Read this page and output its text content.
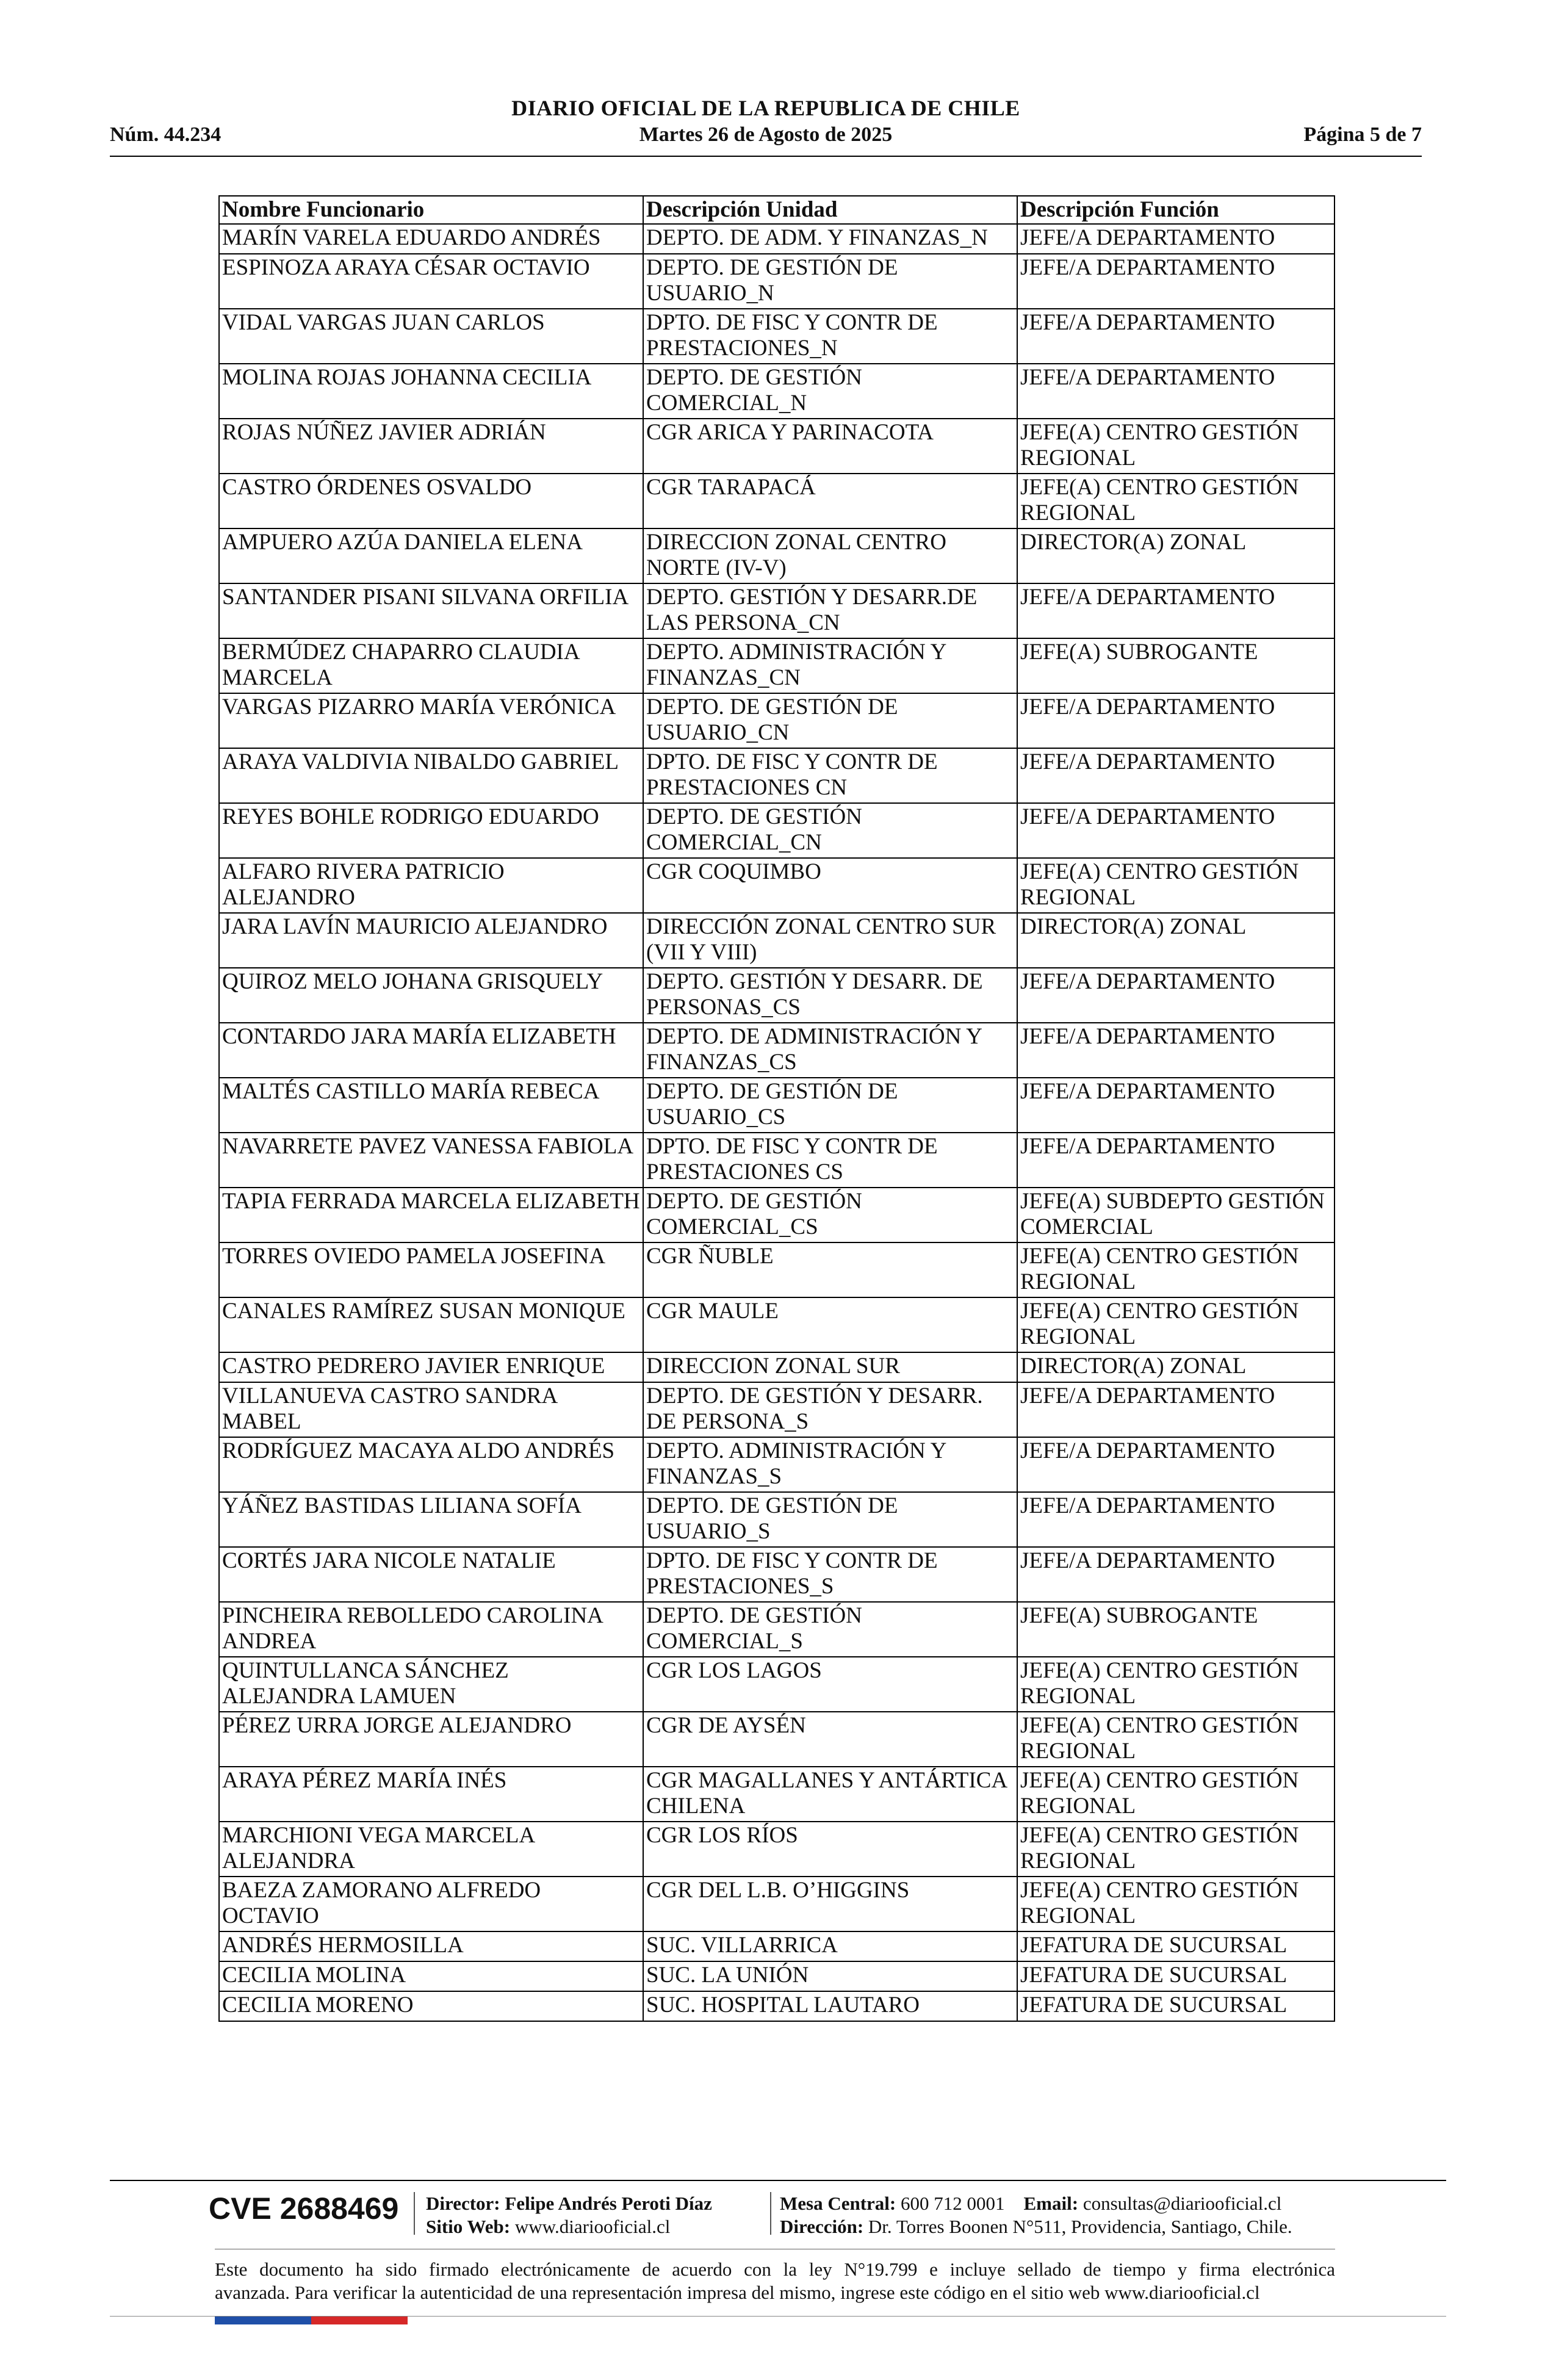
Núm. 44.234
DIARIO OFICIAL DE LA REPUBLICA DE CHILE
Martes 26 de Agosto de 2025	Página 5 de 7
Nombre Funcionario	Descripción Unidad	Descripción Función
MARÍN VARELA EDUARDO ANDRÉS	DEPTO. DE ADM. Y FINANZAS_N	JEFE/A DEPARTAMENTO
ESPINOZA ARAYA CÉSAR OCTAVIO	DEPTO. DE GESTIÓN DE USUARIO_N	JEFE/A DEPARTAMENTO
VIDAL VARGAS JUAN CARLOS	DPTO. DE FISC Y CONTR DE PRESTACIONES_N	JEFE/A DEPARTAMENTO
MOLINA ROJAS JOHANNA CECILIA	DEPTO. DE GESTIÓN COMERCIAL_N	JEFE/A DEPARTAMENTO
ROJAS NÚÑEZ JAVIER ADRIÁN	CGR ARICA Y PARINACOTA	JEFE(A) CENTRO GESTIÓN REGIONAL
CASTRO ÓRDENES OSVALDO	CGR TARAPACÁ	JEFE(A) CENTRO GESTIÓN REGIONAL
AMPUERO AZÚA DANIELA ELENA	DIRECCION ZONAL CENTRO NORTE (IV-V)	DIRECTOR(A) ZONAL
SANTANDER PISANI SILVANA ORFILIA	DEPTO. GESTIÓN Y DESARR.DE LAS PERSONA_CN	JEFE/A DEPARTAMENTO
BERMÚDEZ CHAPARRO CLAUDIA MARCELA	DEPTO. ADMINISTRACIÓN Y FINANZAS_CN	JEFE(A) SUBROGANTE
VARGAS PIZARRO MARÍA VERÓNICA	DEPTO. DE GESTIÓN DE USUARIO_CN	JEFE/A DEPARTAMENTO
ARAYA VALDIVIA NIBALDO GABRIEL	DPTO. DE FISC Y CONTR DE PRESTACIONES CN	JEFE/A DEPARTAMENTO
REYES BOHLE RODRIGO EDUARDO	DEPTO. DE GESTIÓN COMERCIAL_CN	JEFE/A DEPARTAMENTO
ALFARO RIVERA PATRICIO ALEJANDRO	CGR COQUIMBO	JEFE(A) CENTRO GESTIÓN REGIONAL
JARA LAVÍN MAURICIO ALEJANDRO	DIRECCIÓN ZONAL CENTRO SUR (VII Y VIII)	DIRECTOR(A) ZONAL
QUIROZ MELO JOHANA GRISQUELY	DEPTO. GESTIÓN Y DESARR. DE PERSONAS_CS	JEFE/A DEPARTAMENTO
CONTARDO JARA MARÍA ELIZABETH	DEPTO. DE ADMINISTRACIÓN Y FINANZAS_CS	JEFE/A DEPARTAMENTO
MALTÉS CASTILLO MARÍA REBECA	DEPTO. DE GESTIÓN DE USUARIO_CS	JEFE/A DEPARTAMENTO
NAVARRETE PAVEZ VANESSA FABIOLA	DPTO. DE FISC Y CONTR DE PRESTACIONES CS	JEFE/A DEPARTAMENTO
TAPIA FERRADA MARCELA ELIZABETH	DEPTO. DE GESTIÓN COMERCIAL_CS	JEFE(A) SUBDEPTO GESTIÓN COMERCIAL
TORRES OVIEDO PAMELA JOSEFINA	CGR ÑUBLE	JEFE(A) CENTRO GESTIÓN REGIONAL
CANALES RAMÍREZ SUSAN MONIQUE	CGR MAULE	JEFE(A) CENTRO GESTIÓN REGIONAL
CASTRO PEDRERO JAVIER ENRIQUE	DIRECCION ZONAL SUR	DIRECTOR(A) ZONAL
VILLANUEVA CASTRO SANDRA MABEL	DEPTO. DE GESTIÓN Y DESARR. DE PERSONA_S	JEFE/A DEPARTAMENTO
RODRÍGUEZ MACAYA ALDO ANDRÉS	DEPTO. ADMINISTRACIÓN Y FINANZAS_S	JEFE/A DEPARTAMENTO
YÁÑEZ BASTIDAS LILIANA SOFÍA	DEPTO. DE GESTIÓN DE USUARIO_S	JEFE/A DEPARTAMENTO
CORTÉS JARA NICOLE NATALIE	DPTO. DE FISC Y CONTR DE PRESTACIONES_S	JEFE/A DEPARTAMENTO
PINCHEIRA REBOLLEDO CAROLINA ANDREA	DEPTO. DE GESTIÓN COMERCIAL_S	JEFE(A) SUBROGANTE
QUINTULLANCA SÁNCHEZ ALEJANDRA LAMUEN	CGR LOS LAGOS	JEFE(A) CENTRO GESTIÓN REGIONAL
PÉREZ URRA JORGE ALEJANDRO	CGR DE AYSÉN	JEFE(A) CENTRO GESTIÓN REGIONAL
ARAYA PÉREZ MARÍA INÉS	CGR MAGALLANES Y ANTÁRTICA CHILENA	JEFE(A) CENTRO GESTIÓN REGIONAL
MARCHIONI VEGA MARCELA ALEJANDRA	CGR LOS RÍOS	JEFE(A) CENTRO GESTIÓN REGIONAL
BAEZA ZAMORANO ALFREDO OCTAVIO	CGR DEL L.B. O’HIGGINS	JEFE(A) CENTRO GESTIÓN REGIONAL
ANDRÉS HERMOSILLA	SUC. VILLARRICA	JEFATURA DE SUCURSAL
CECILIA MOLINA	SUC. LA UNIÓN	JEFATURA DE SUCURSAL
CECILIA MORENO	SUC. HOSPITAL LAUTARO	JEFATURA DE SUCURSAL
CVE 2688469 Director: Felipe Andrés Peroti Díaz
Sitio Web: www.diariooficial.cl
Mesa Central: 600 712 0001 Email: consultas@diariooficial.cl
Dirección: Dr. Torres Boonen N°511, Providencia, Santiago, Chile.
Este documento ha sido firmado electrónicamente de acuerdo con la ley N°19.799 e incluye sellado de tiempo y firma electrónica
avanzada. Para verificar la autenticidad de una representación impresa del mismo, ingrese este código en el sitio web www.diariooficial.cl
